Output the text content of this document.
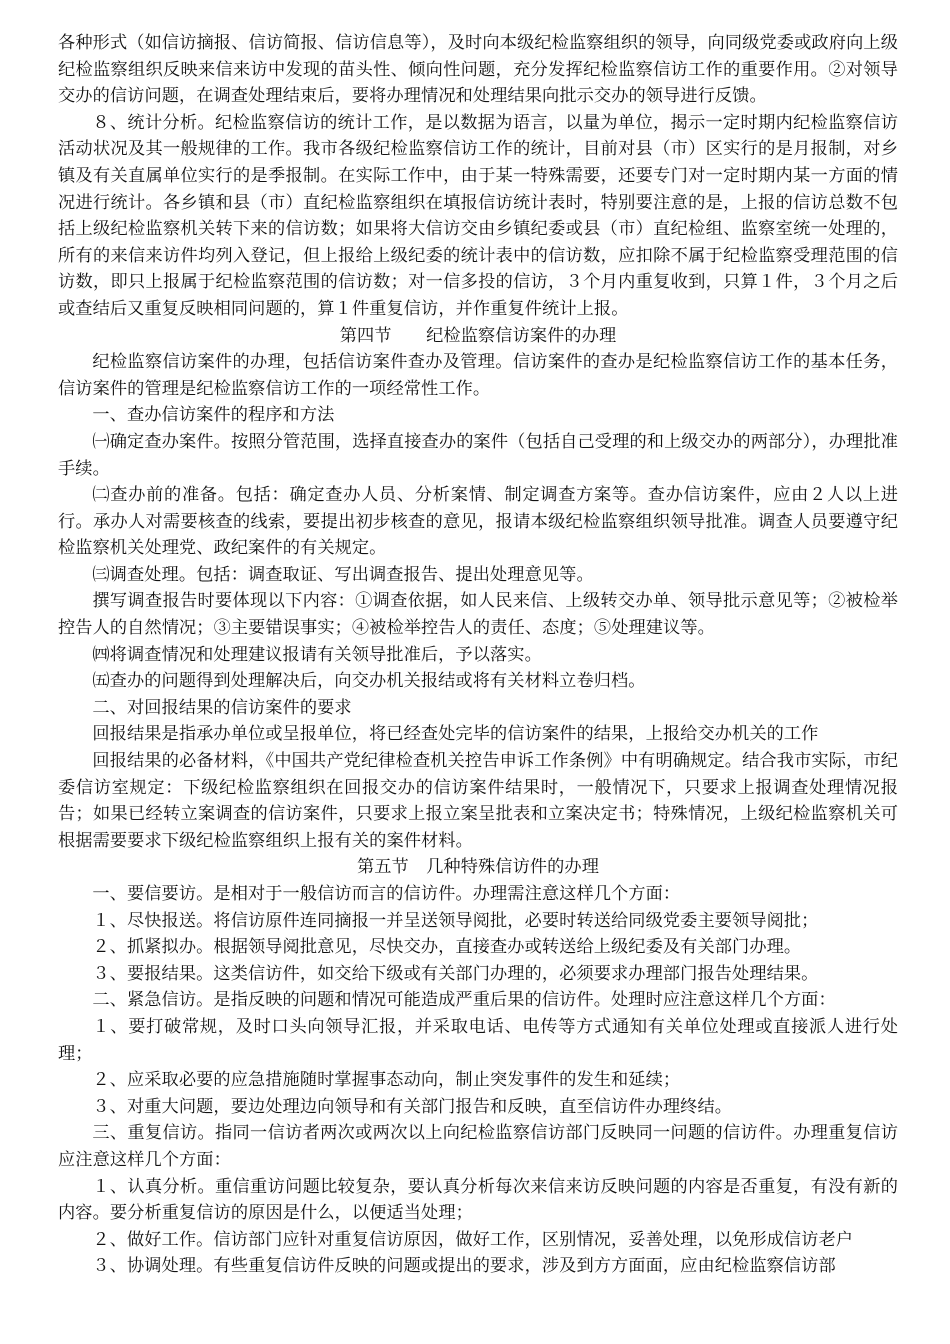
各种形式（如信访摘报、信访简报、信访信息等），及时向本级纪检监察组织的领导，向同级党委或政府向上级纪检监察组织反映来信来访中发现的苗头性、倾向性问题，充分发挥纪检监察信访工作的重要作用。②对领导交办的信访问题，在调查处理结束后，要将办理情况和处理结果向批示交办的领导进行反馈。

８、统计分析。纪检监察信访的统计工作，是以数据为语言，以量为单位，揭示一定时期内纪检监察信访活动状况及其一般规律的工作。我市各级纪检监察信访工作的统计，目前对县（市）区实行的是月报制，对乡镇及有关直属单位实行的是季报制。在实际工作中，由于某一特殊需要，还要专门对一定时期内某一方面的情况进行统计。各乡镇和县（市）直纪检监察组织在填报信访统计表时，特别要注意的是，上报的信访总数不包括上级纪检监察机关转下来的信访数；如果将大信访交由乡镇纪委或县（市）直纪检组、监察室统一处理的，所有的来信来访件均列入登记，但上报给上级纪委的统计表中的信访数，应扣除不属于纪检监察受理范围的信访数，即只上报属于纪检监察范围的信访数；对一信多投的信访，３个月内重复收到，只算１件，３个月之后或查结后又重复反映相同问题的，算１件重复信访，并作重复件统计上报。

第四节　　纪检监察信访案件的办理

纪检监察信访案件的办理，包括信访案件查办及管理。信访案件的查办是纪检监察信访工作的基本任务，信访案件的管理是纪检监察信访工作的一项经常性工作。

一、查办信访案件的程序和方法

㈠确定查办案件。按照分管范围，选择直接查办的案件（包括自己受理的和上级交办的两部分），办理批准手续。

㈡查办前的准备。包括：确定查办人员、分析案情、制定调查方案等。查办信访案件，应由２人以上进行。承办人对需要核查的线索，要提出初步核查的意见，报请本级纪检监察组织领导批准。调查人员要遵守纪检监察机关处理党、政纪案件的有关规定。

㈢调查处理。包括：调查取证、写出调查报告、提出处理意见等。

撰写调查报告时要体现以下内容：①调查依据，如人民来信、上级转交办单、领导批示意见等；②被检举控告人的自然情况；③主要错误事实；④被检举控告人的责任、态度；⑤处理建议等。

㈣将调查情况和处理建议报请有关领导批准后，予以落实。

㈤查办的问题得到处理解决后，向交办机关报结或将有关材料立卷归档。

二、对回报结果的信访案件的要求

回报结果是指承办单位或呈报单位，将已经查处完毕的信访案件的结果，上报给交办机关的工作

回报结果的必备材料，《中国共产党纪律检查机关控告申诉工作条例》中有明确规定。结合我市实际，市纪委信访室规定：下级纪检监察组织在回报交办的信访案件结果时，一般情况下，只要求上报调查处理情况报告；如果已经转立案调查的信访案件，只要求上报立案呈批表和立案决定书；特殊情况，上级纪检监察机关可根据需要要求下级纪检监察组织上报有关的案件材料。

第五节　几种特殊信访件的办理

一、要信要访。是相对于一般信访而言的信访件。办理需注意这样几个方面：

１、尽快报送。将信访原件连同摘报一并呈送领导阅批，必要时转送给同级党委主要领导阅批；

２、抓紧拟办。根据领导阅批意见，尽快交办，直接查办或转送给上级纪委及有关部门办理。

３、要报结果。这类信访件，如交给下级或有关部门办理的，必须要求办理部门报告处理结果。

二、紧急信访。是指反映的问题和情况可能造成严重后果的信访件。处理时应注意这样几个方面：

１、要打破常规，及时口头向领导汇报，并采取电话、电传等方式通知有关单位处理或直接派人进行处理；

２、应采取必要的应急措施随时掌握事态动向，制止突发事件的发生和延续；

３、对重大问题，要边处理边向领导和有关部门报告和反映，直至信访件办理终结。

三、重复信访。指同一信访者两次或两次以上向纪检监察信访部门反映同一问题的信访件。办理重复信访应注意这样几个方面：

１、认真分析。重信重访问题比较复杂，要认真分析每次来信来访反映问题的内容是否重复，有没有新的内容。要分析重复信访的原因是什么，以便适当处理；

２、做好工作。信访部门应针对重复信访原因，做好工作，区别情况，妥善处理，以免形成信访老户

３、协调处理。有些重复信访件反映的问题或提出的要求，涉及到方方面面，应由纪检监察信访部
